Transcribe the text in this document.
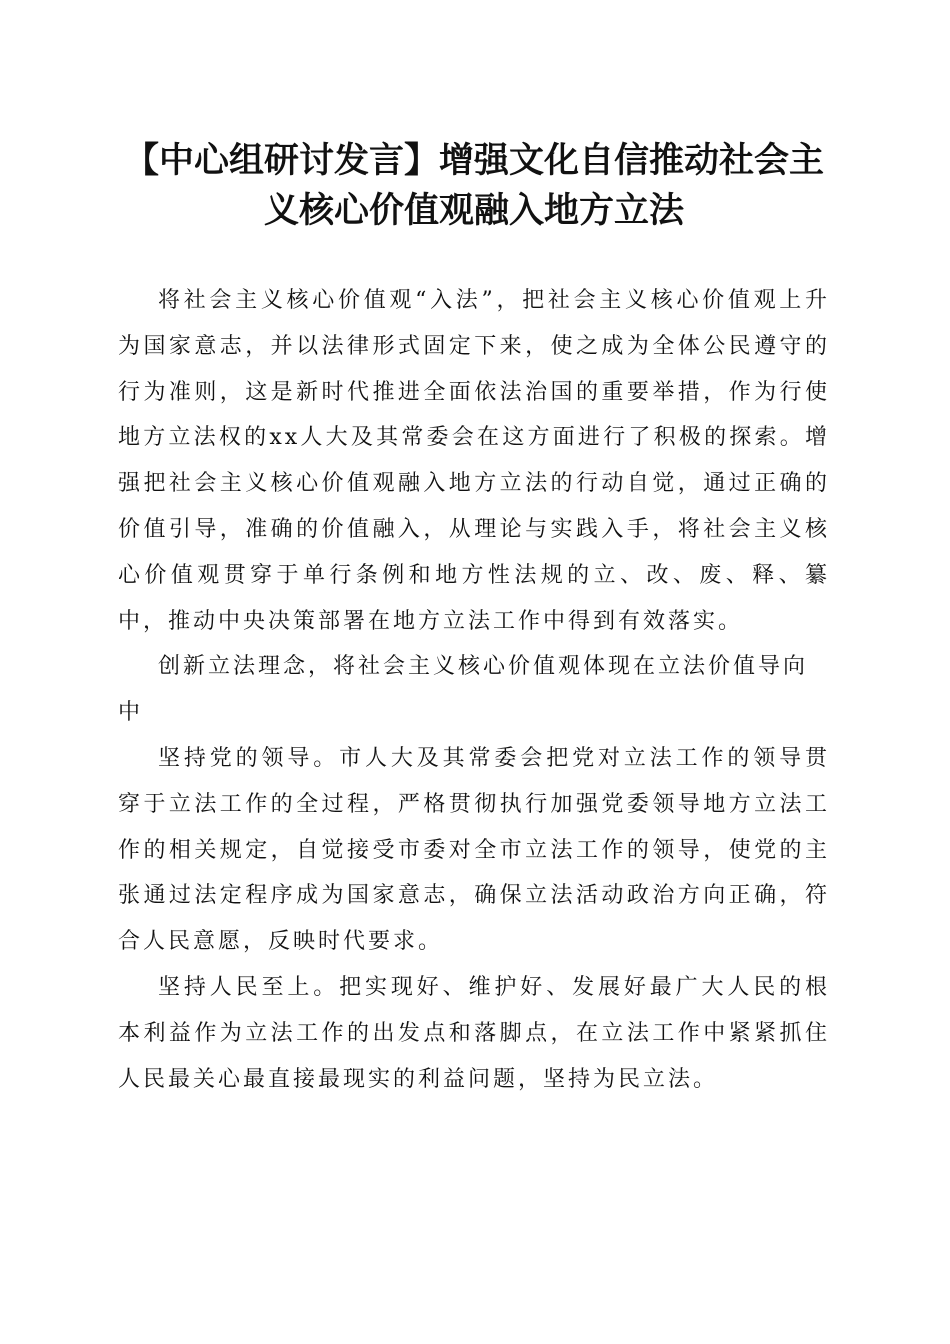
【中心组研讨发言】增强文化自信推动社会主
义核心价值观融入地方立法

将社会主义核心价值观“入法”，把社会主义核心价值观上升为国家意志，并以法律形式固定下来，使之成为全体公民遵守的行为准则，这是新时代推进全面依法治国的重要举措，作为行使地方立法权的xx人大及其常委会在这方面进行了积极的探索。增强把社会主义核心价值观融入地方立法的行动自觉，通过正确的价值引导，准确的价值融入，从理论与实践入手，将社会主义核心价值观贯穿于单行条例和地方性法规的立、改、废、释、纂中，推动中央决策部署在地方立法工作中得到有效落实。

创新立法理念，将社会主义核心价值观体现在立法价值导向中

坚持党的领导。市人大及其常委会把党对立法工作的领导贯穿于立法工作的全过程，严格贯彻执行加强党委领导地方立法工作的相关规定，自觉接受市委对全市立法工作的领导，使党的主张通过法定程序成为国家意志，确保立法活动政治方向正确，符合人民意愿，反映时代要求。

坚持人民至上。把实现好、维护好、发展好最广大人民的根本利益作为立法工作的出发点和落脚点，在立法工作中紧紧抓住人民最关心最直接最现实的利益问题，坚持为民立法。
